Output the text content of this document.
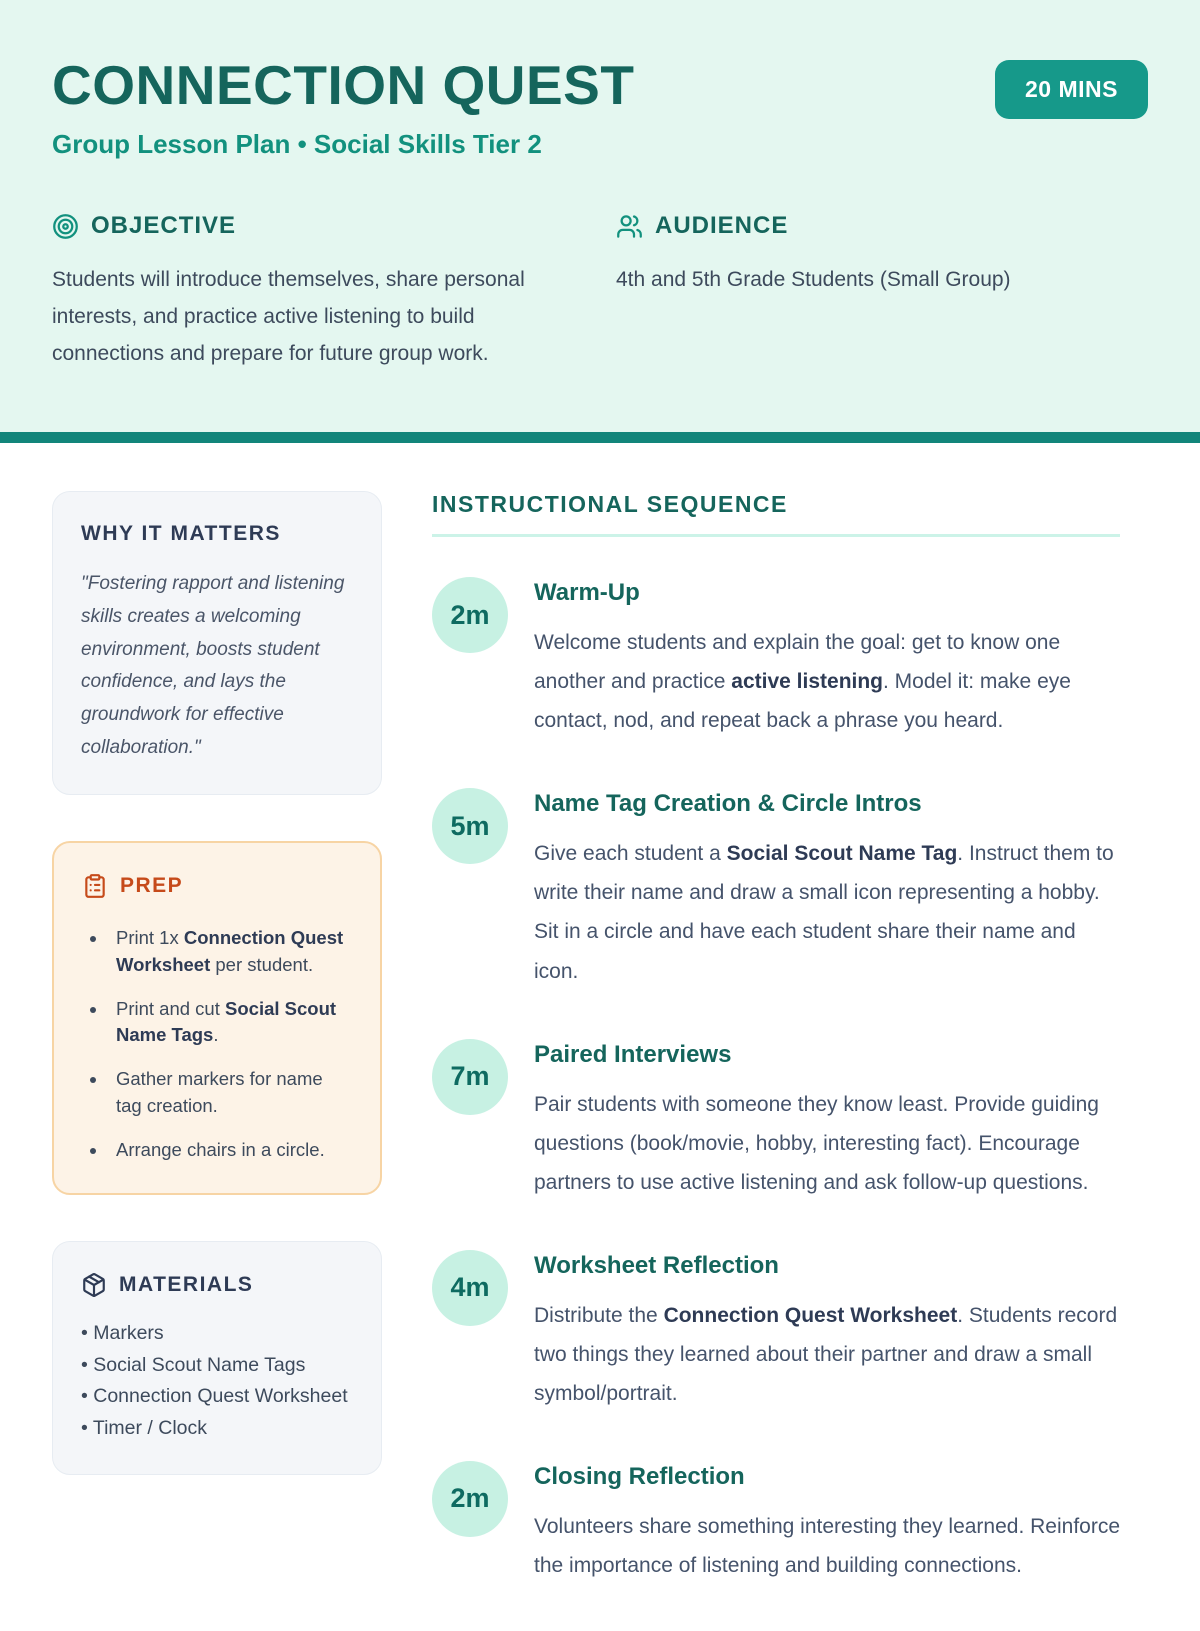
CONNECTION QUEST
Group Lesson Plan • Social Skills Tier 2
20 MINS
OBJECTIVE

Students will introduce themselves, share personal interests, and practice active listening to build connections and prepare for future group work.

AUDIENCE

4th and 5th Grade Students (Small Group)

WHY IT MATTERS

"Fostering rapport and listening skills creates a welcoming environment, boosts student confidence, and lays the groundwork for effective collaboration."

PREP
• Print 1x Connection Quest Worksheet per student.
• Print and cut Social Scout Name Tags.
• Gather markers for name tag creation.
• Arrange chairs in a circle.
MATERIALS
• Markers
• Social Scout Name Tags
• Connection Quest Worksheet
• Timer / Clock
INSTRUCTIONAL SEQUENCE
2m
Warm-Up

Welcome students and explain the goal: get to know one another and practice active listening. Model it: make eye contact, nod, and repeat back a phrase you heard.

5m
Name Tag Creation & Circle Intros

Give each student a Social Scout Name Tag. Instruct them to write their name and draw a small icon representing a hobby. Sit in a circle and have each student share their name and icon.

7m
Paired Interviews

Pair students with someone they know least. Provide guiding questions (book/movie, hobby, interesting fact). Encourage partners to use active listening and ask follow-up questions.

4m
Worksheet Reflection

Distribute the Connection Quest Worksheet. Students record two things they learned about their partner and draw a small symbol/portrait.

2m
Closing Reflection

Volunteers share something interesting they learned. Reinforce the importance of listening and building connections.
